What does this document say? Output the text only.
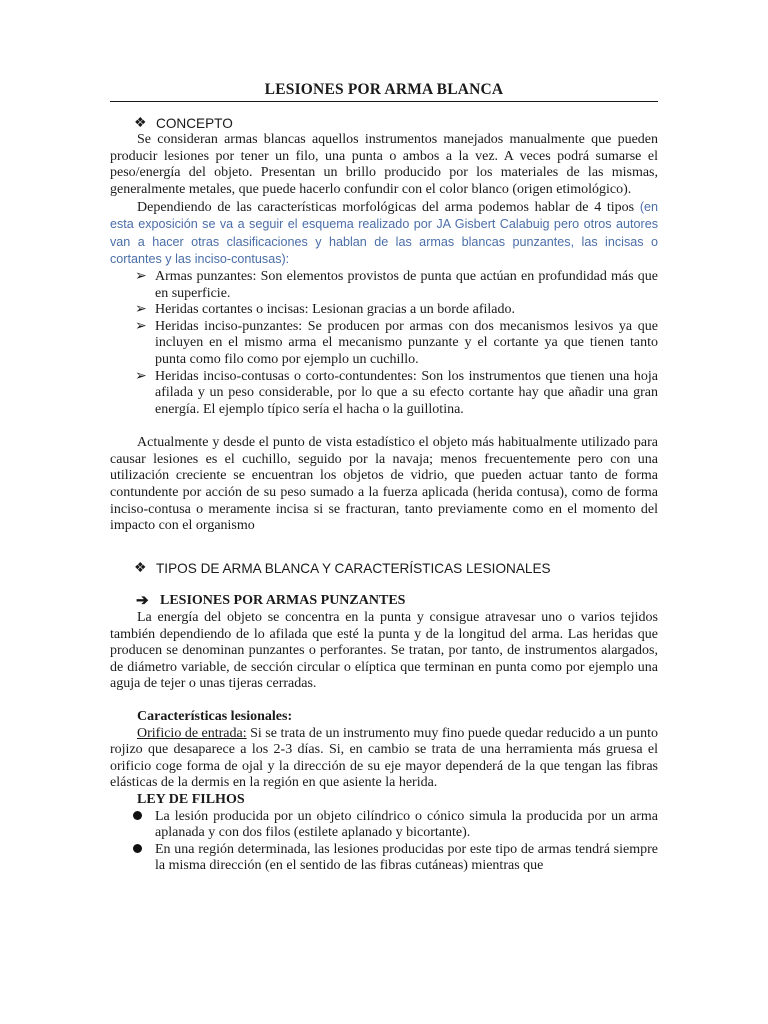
LESIONES POR ARMA BLANCA
❖ CONCEPTO

Se consideran armas blancas aquellos instrumentos manejados manualmente que pueden producir lesiones por tener un filo, una punta o ambos a la vez. A veces podrá sumarse el peso/energía del objeto. Presentan un brillo producido por los materiales de las mismas, generalmente metales, que puede hacerlo confundir con el color blanco (origen etimológico).

Dependiendo de las características morfológicas del arma podemos hablar de 4 tipos (en esta exposición se va a seguir el esquema realizado por JA Gisbert Calabuig pero otros autores van a hacer otras clasificaciones y hablan de las armas blancas punzantes, las incisas o cortantes y las inciso-contusas):

➢ Armas punzantes: Son elementos provistos de punta que actúan en profundidad más que en superficie.
➢ Heridas cortantes o incisas: Lesionan gracias a un borde afilado.
➢ Heridas inciso-punzantes: Se producen por armas con dos mecanismos lesivos ya que incluyen en el mismo arma el mecanismo punzante y el cortante ya que tienen tanto punta como filo como por ejemplo un cuchillo.
➢ Heridas inciso-contusas o corto-contundentes: Son los instrumentos que tienen una hoja afilada y un peso considerable, por lo que a su efecto cortante hay que añadir una gran energía. El ejemplo típico sería el hacha o la guillotina.

Actualmente y desde el punto de vista estadístico el objeto más habitualmente utilizado para causar lesiones es el cuchillo, seguido por la navaja; menos frecuentemente pero con una utilización creciente se encuentran los objetos de vidrio, que pueden actuar tanto de forma contundente por acción de su peso sumado a la fuerza aplicada (herida contusa), como de forma inciso-contusa o meramente incisa si se fracturan, tanto previamente como en el momento del impacto con el organismo

❖ TIPOS DE ARMA BLANCA Y CARACTERÍSTICAS LESIONALES
➔ LESIONES POR ARMAS PUNZANTES

La energía del objeto se concentra en la punta y consigue atravesar uno o varios tejidos también dependiendo de lo afilada que esté la punta y de la longitud del arma. Las heridas que producen se denominan punzantes o perforantes. Se tratan, por tanto, de instrumentos alargados, de diámetro variable, de sección circular o elíptica que terminan en punta como por ejemplo una aguja de tejer o unas tijeras cerradas.

Características lesionales:

Orificio de entrada: Si se trata de un instrumento muy fino puede quedar reducido a un punto rojizo que desaparece a los 2-3 días. Si, en cambio se trata de una herramienta más gruesa el orificio coge forma de ojal y la dirección de su eje mayor dependerá de la que tengan las fibras elásticas de la dermis en la región en que asiente la herida.

LEY DE FILHOS
La lesión producida por un objeto cilíndrico o cónico simula la producida por un arma aplanada y con dos filos (estilete aplanado y bicortante).
En una región determinada, las lesiones producidas por este tipo de armas tendrá siempre la misma dirección (en el sentido de las fibras cutáneas) mientras que
